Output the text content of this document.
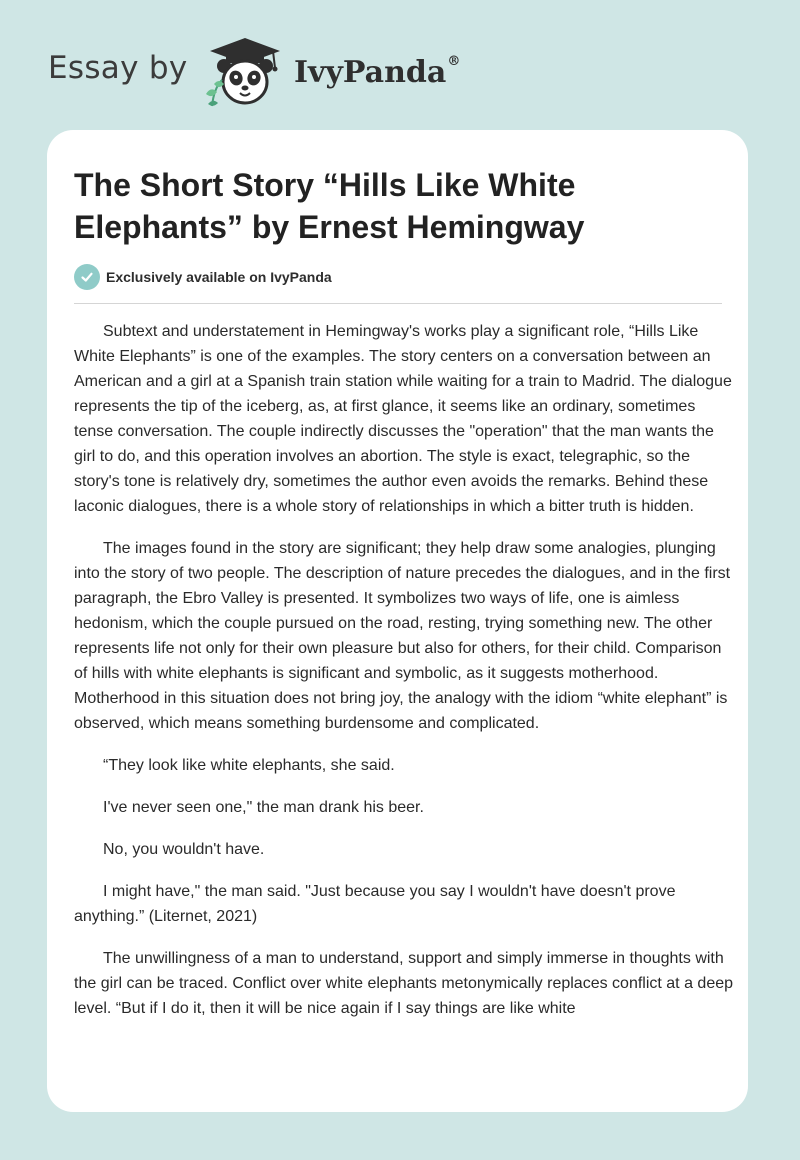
Essay by	IvyPanda®
The Short Story “Hills Like White Elephants” by Ernest Hemingway
Exclusively available on IvyPanda

Subtext and understatement in Hemingway's works play a significant role, “Hills Like White Elephants” is one of the examples. The story centers on a conversation between an American and a girl at a Spanish train station while waiting for a train to Madrid. The dialogue represents the tip of the iceberg, as, at first glance, it seems like an ordinary, sometimes tense conversation. The couple indirectly discusses the "operation" that the man wants the girl to do, and this operation involves an abortion. The style is exact, telegraphic, so the story's tone is relatively dry, sometimes the author even avoids the remarks. Behind these laconic dialogues, there is a whole story of relationships in which a bitter truth is hidden.

The images found in the story are significant; they help draw some analogies, plunging into the story of two people. The description of nature precedes the dialogues, and in the first paragraph, the Ebro Valley is presented. It symbolizes two ways of life, one is aimless hedonism, which the couple pursued on the road, resting, trying something new. The other represents life not only for their own pleasure but also for others, for their child. Comparison of hills with white elephants is significant and symbolic, as it suggests motherhood. Motherhood in this situation does not bring joy, the analogy with the idiom “white elephant” is observed, which means something burdensome and complicated.

“They look like white elephants, she said.

I've never seen one," the man drank his beer.

No, you wouldn't have.

I might have," the man said. "Just because you say I wouldn't have doesn't prove anything.” (Liternet, 2021)

The unwillingness of a man to understand, support and simply immerse in thoughts with the girl can be traced. Conflict over white elephants metonymically replaces conflict at a deep level. “But if I do it, then it will be nice again if I say things are like white
